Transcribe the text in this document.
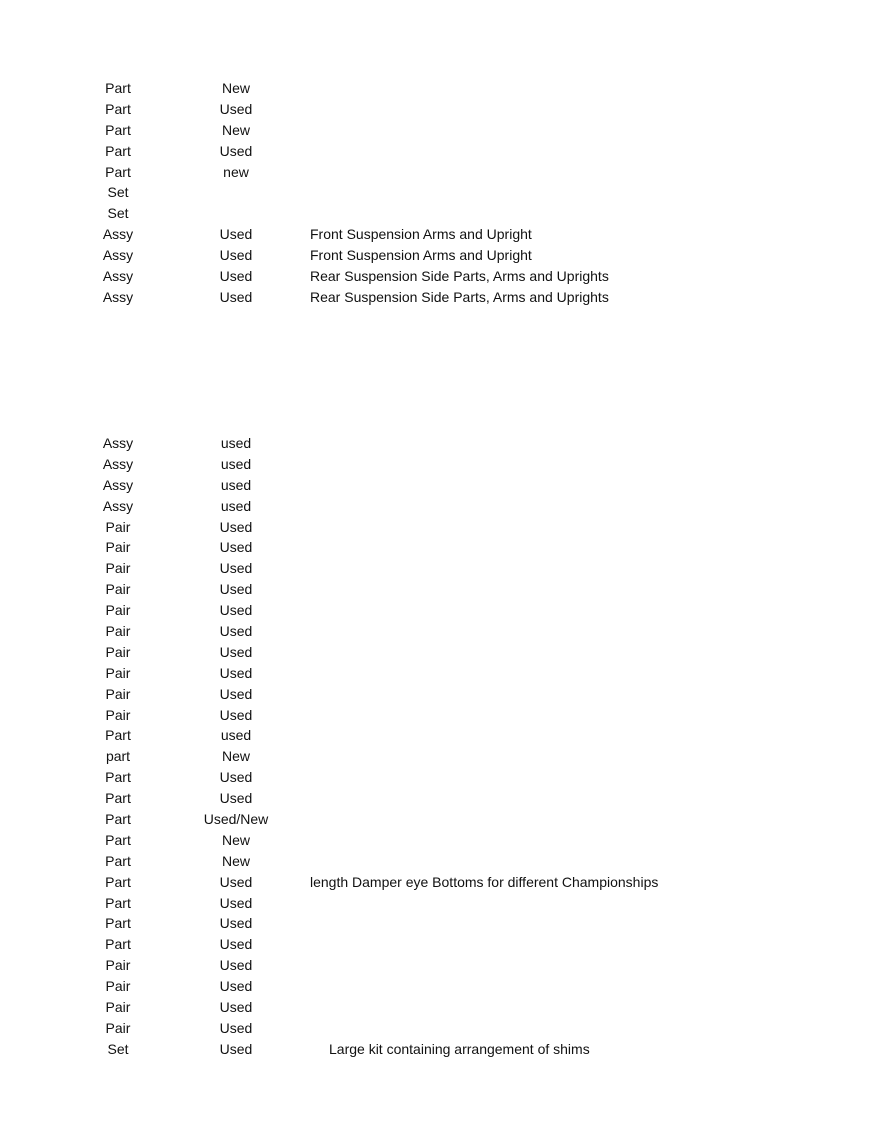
Part	New
Part	Used
Part	New
Part	Used
Part	new
Set
Set
Assy	Used	Front Suspension Arms and Upright
Assy	Used	Front Suspension Arms and Upright
Assy	Used	Rear Suspension Side Parts, Arms and Uprights
Assy	Used	Rear Suspension Side Parts, Arms and Uprights
Assy	used
Assy	used
Assy	used
Assy	used
Pair	Used
Pair	Used
Pair	Used
Pair	Used
Pair	Used
Pair	Used
Pair	Used
Pair	Used
Pair	Used
Pair	Used
Part	used
part	New
Part	Used
Part	Used
Part	Used/New
Part	New
Part	New
Part	Used	length Damper eye Bottoms for different Championships
Part	Used
Part	Used
Part	Used
Pair	Used
Pair	Used
Pair	Used
Pair	Used
Set	Used	Large kit containing arrangement of shims
